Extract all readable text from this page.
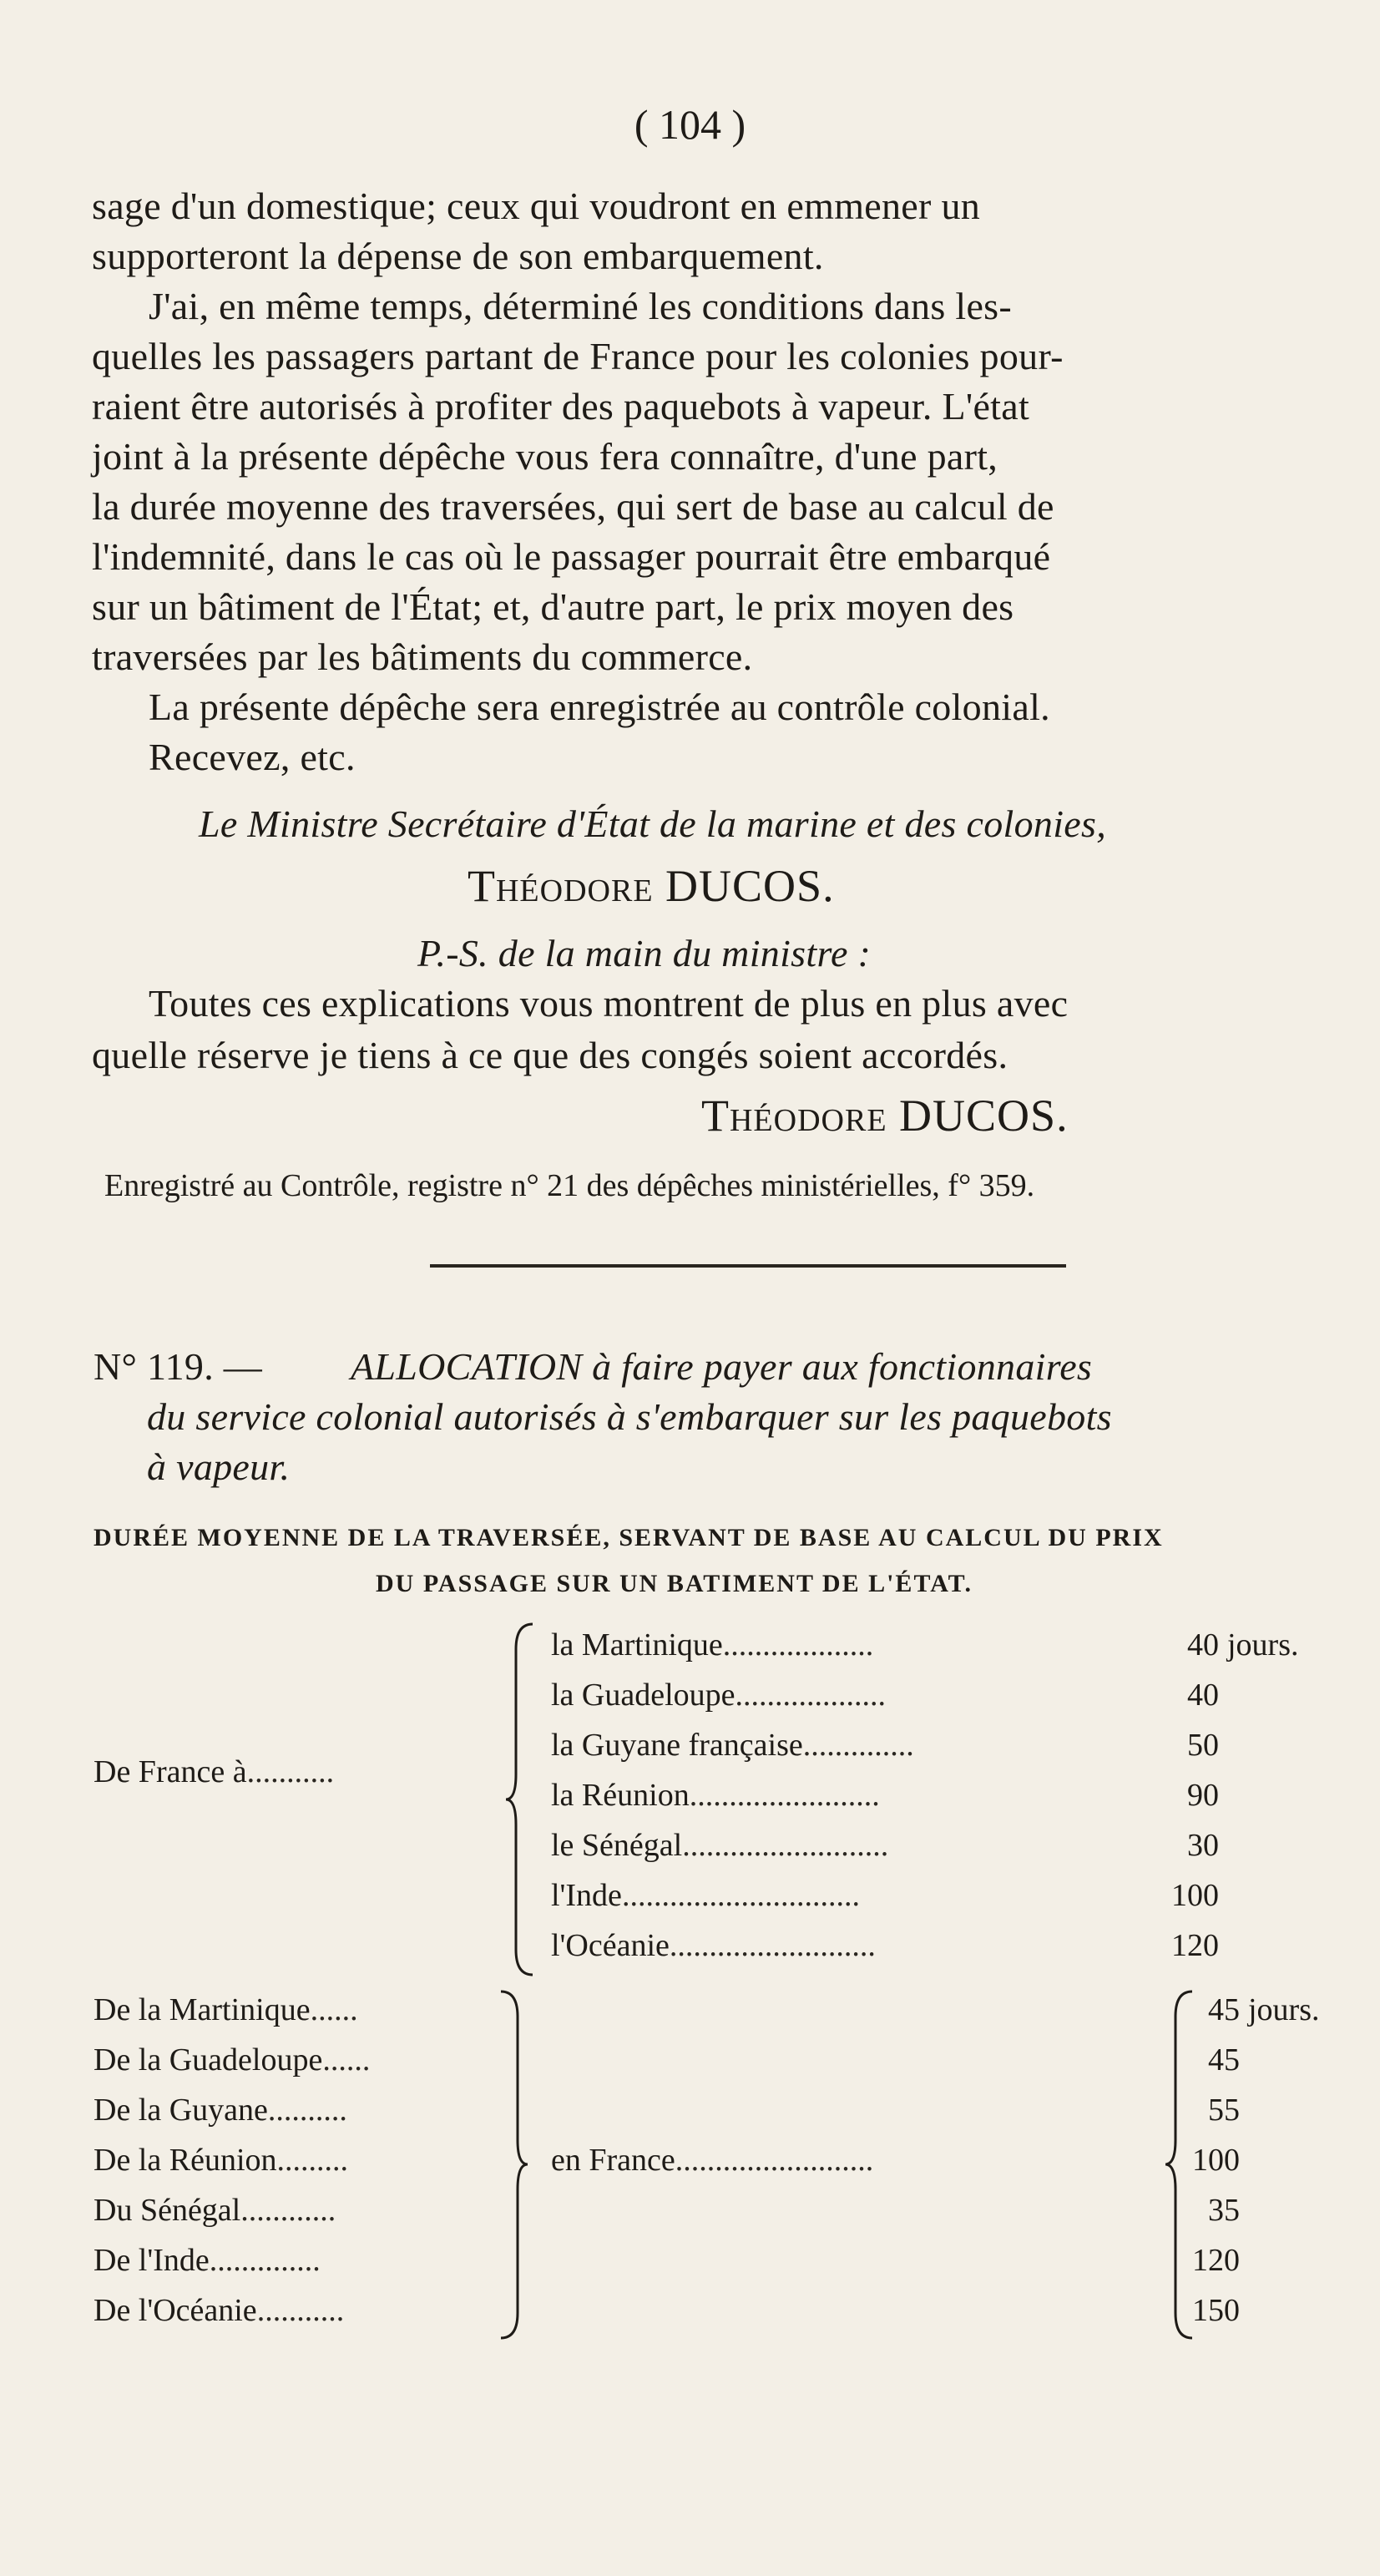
( 104 )
sage d'un domestique; ceux qui voudront en emmener un
supporteront la dépense de son embarquement.
J'ai, en même temps, déterminé les conditions dans les-
quelles les passagers partant de France pour les colonies pour-
raient être autorisés à profiter des paquebots à vapeur. L'état
joint à la présente dépêche vous fera connaître, d'une part,
la durée moyenne des traversées, qui sert de base au calcul de
l'indemnité, dans le cas où le passager pourrait être embarqué
sur un bâtiment de l'État; et, d'autre part, le prix moyen des
traversées par les bâtiments du commerce.
La présente dépêche sera enregistrée au contrôle colonial.
Recevez, etc.
Le Ministre Secrétaire d'État de la marine et des colonies,
Théodore DUCOS.
P.-S. de la main du ministre :
Toutes ces explications vous montrent de plus en plus avec
quelle réserve je tiens à ce que des congés soient accordés.
Théodore DUCOS.
Enregistré au Contrôle, registre n° 21 des dépêches ministérielles, f° 359.
N° 119. — ALLOCATION à faire payer aux fonctionnaires
du service colonial autorisés à s'embarquer sur les paquebots
à vapeur.
DURÉE MOYENNE DE LA TRAVERSÉE, SERVANT DE BASE AU CALCUL DU PRIX
DU PASSAGE SUR UN BATIMENT DE L'ÉTAT.
De France à...........
la Martinique...................
la Guadeloupe...................
la Guyane française..............
la Réunion........................
le Sénégal..........................
l'Inde..............................
l'Océanie..........................
40 jours.
40
50
90
30
100
120
De la Martinique......
De la Guadeloupe......
De la Guyane..........
De la Réunion.........
Du Sénégal............
De l'Inde..............
De l'Océanie...........
en France.........................
45 jours.
45
55
100
35
120
150
